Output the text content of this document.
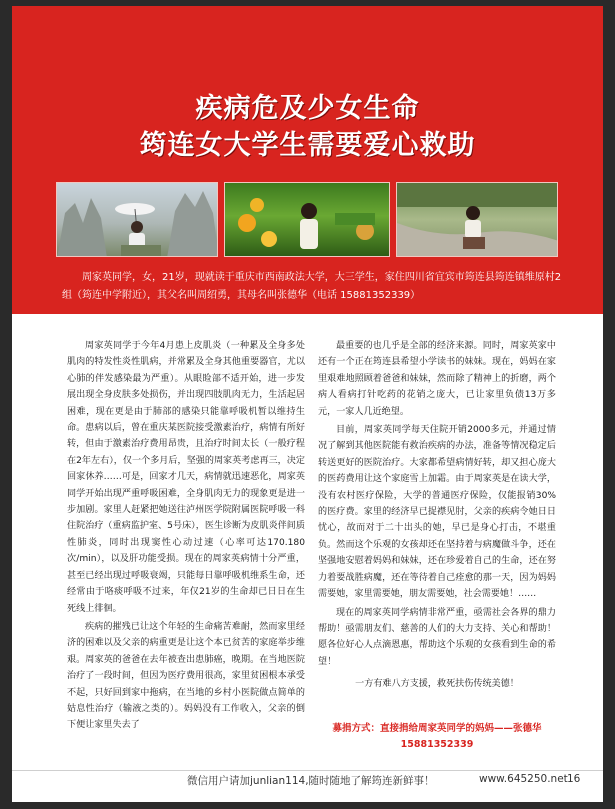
疾病危及少女生命
筠连女大学生需要爱心救助

周家英同学，女，21岁，现就读于重庆市西南政法大学，大三学生，家住四川省宜宾市筠连县筠连镇维原村2组（筠连中学附近），其父名叫周绍勇，其母名叫张德华（电话 15881352339）

周家英同学于今年4月患上皮肌炎（一种累及全身多处肌肉的特发性炎性肌病，并常累及全身其他重要器官，尤以心肺的伴发感染最为严重）。从眼睑部不适开始，进一步发展出现全身皮肤多处损伤，并出现四肢肌肉无力，生活起居困难，现在更是由于肺部的感染只能靠呼吸机暂以维持生命。患病以后，曾在重庆某医院接受激素治疗，病情有所好转，但由于激素治疗费用昂贵，且治疗时间太长（一般疗程在2年左右），仅一个多月后，坚强的周家英考虑再三，决定回家休养……可是，回家才几天，病情就迅速恶化，周家英同学开始出现严重呼吸困难，全身肌肉无力的现象更是进一步加剧。家里人赶紧把她送往泸州医学院附属医院呼吸一科住院治疗（重病监护室、5号床），医生诊断为皮肌炎伴间质性肺炎，同时出现窦性心动过速（心率可达170.180次/min），以及肝功能受损。现在的周家英病情十分严重，甚至已经出现过呼吸衰竭，只能每日靠呼吸机维系生命，还经常由于咯痰呼吸不过来，年仅21岁的生命却已日日在生死线上徘徊。

疾病的摧残已让这个年轻的生命痛苦难耐，然而家里经济的困难以及父亲的病重更是让这个本已贫苦的家庭举步维艰。周家英的爸爸在去年被查出患肺癌，晚期。在当地医院治疗了一段时间，但因为医疗费用很高，家里贫困根本承受不起，只好回到家中拖病，在当地的乡村小医院做点简单的姑息性治疗（输液之类的）。妈妈没有工作收入，父亲的倒下便让家里失去了

最重要的也几乎是全部的经济来源。同时，周家英家中还有一个正在筠连县希望小学读书的妹妹。现在，妈妈在家里艰难地照顾着爸爸和妹妹，然而除了精神上的折磨，两个病人看病打针吃药的花销之庞大，已让家里负债13万多元，一家人几近绝望。

目前，周家英同学每天住院开销2000多元，并通过情况了解到其他医院能有救治疾病的办法，准备等情况稳定后转送更好的医院治疗。大家都希望病情好转，却又担心庞大的医药费用让这个家庭雪上加霜。由于周家英是在读大学，没有农村医疗保险，大学的普通医疗保险，仅能报销30%的医疗费。家里的经济早已捉襟见肘，父亲的疾病令她日日忧心，故而对于二十出头的她，早已是身心打击，不堪重负。然而这个乐观的女孩却还在坚持着与病魔做斗争，还在坚强地安慰着妈妈和妹妹，还在珍爱着自己的生命，还在努力着要战胜病魔，还在等待着自己痊愈的那一天，因为妈妈需要她，家里需要她，朋友需要她，社会需要她！……

现在的周家英同学病情非常严重，亟需社会各界的鼎力帮助！亟需朋友们、慈善的人们的大力支持、关心和帮助！愿各位好心人点滴恩惠，帮助这个乐观的女孩看到生命的希望！

一方有难八方支援，救死扶伤传统美德！

募捐方式：直接捐给周家英同学的妈妈——张德华 15881352339

微信用户请加junlian114,随时随地了解筠连新鲜事！	www.645250.net 16
